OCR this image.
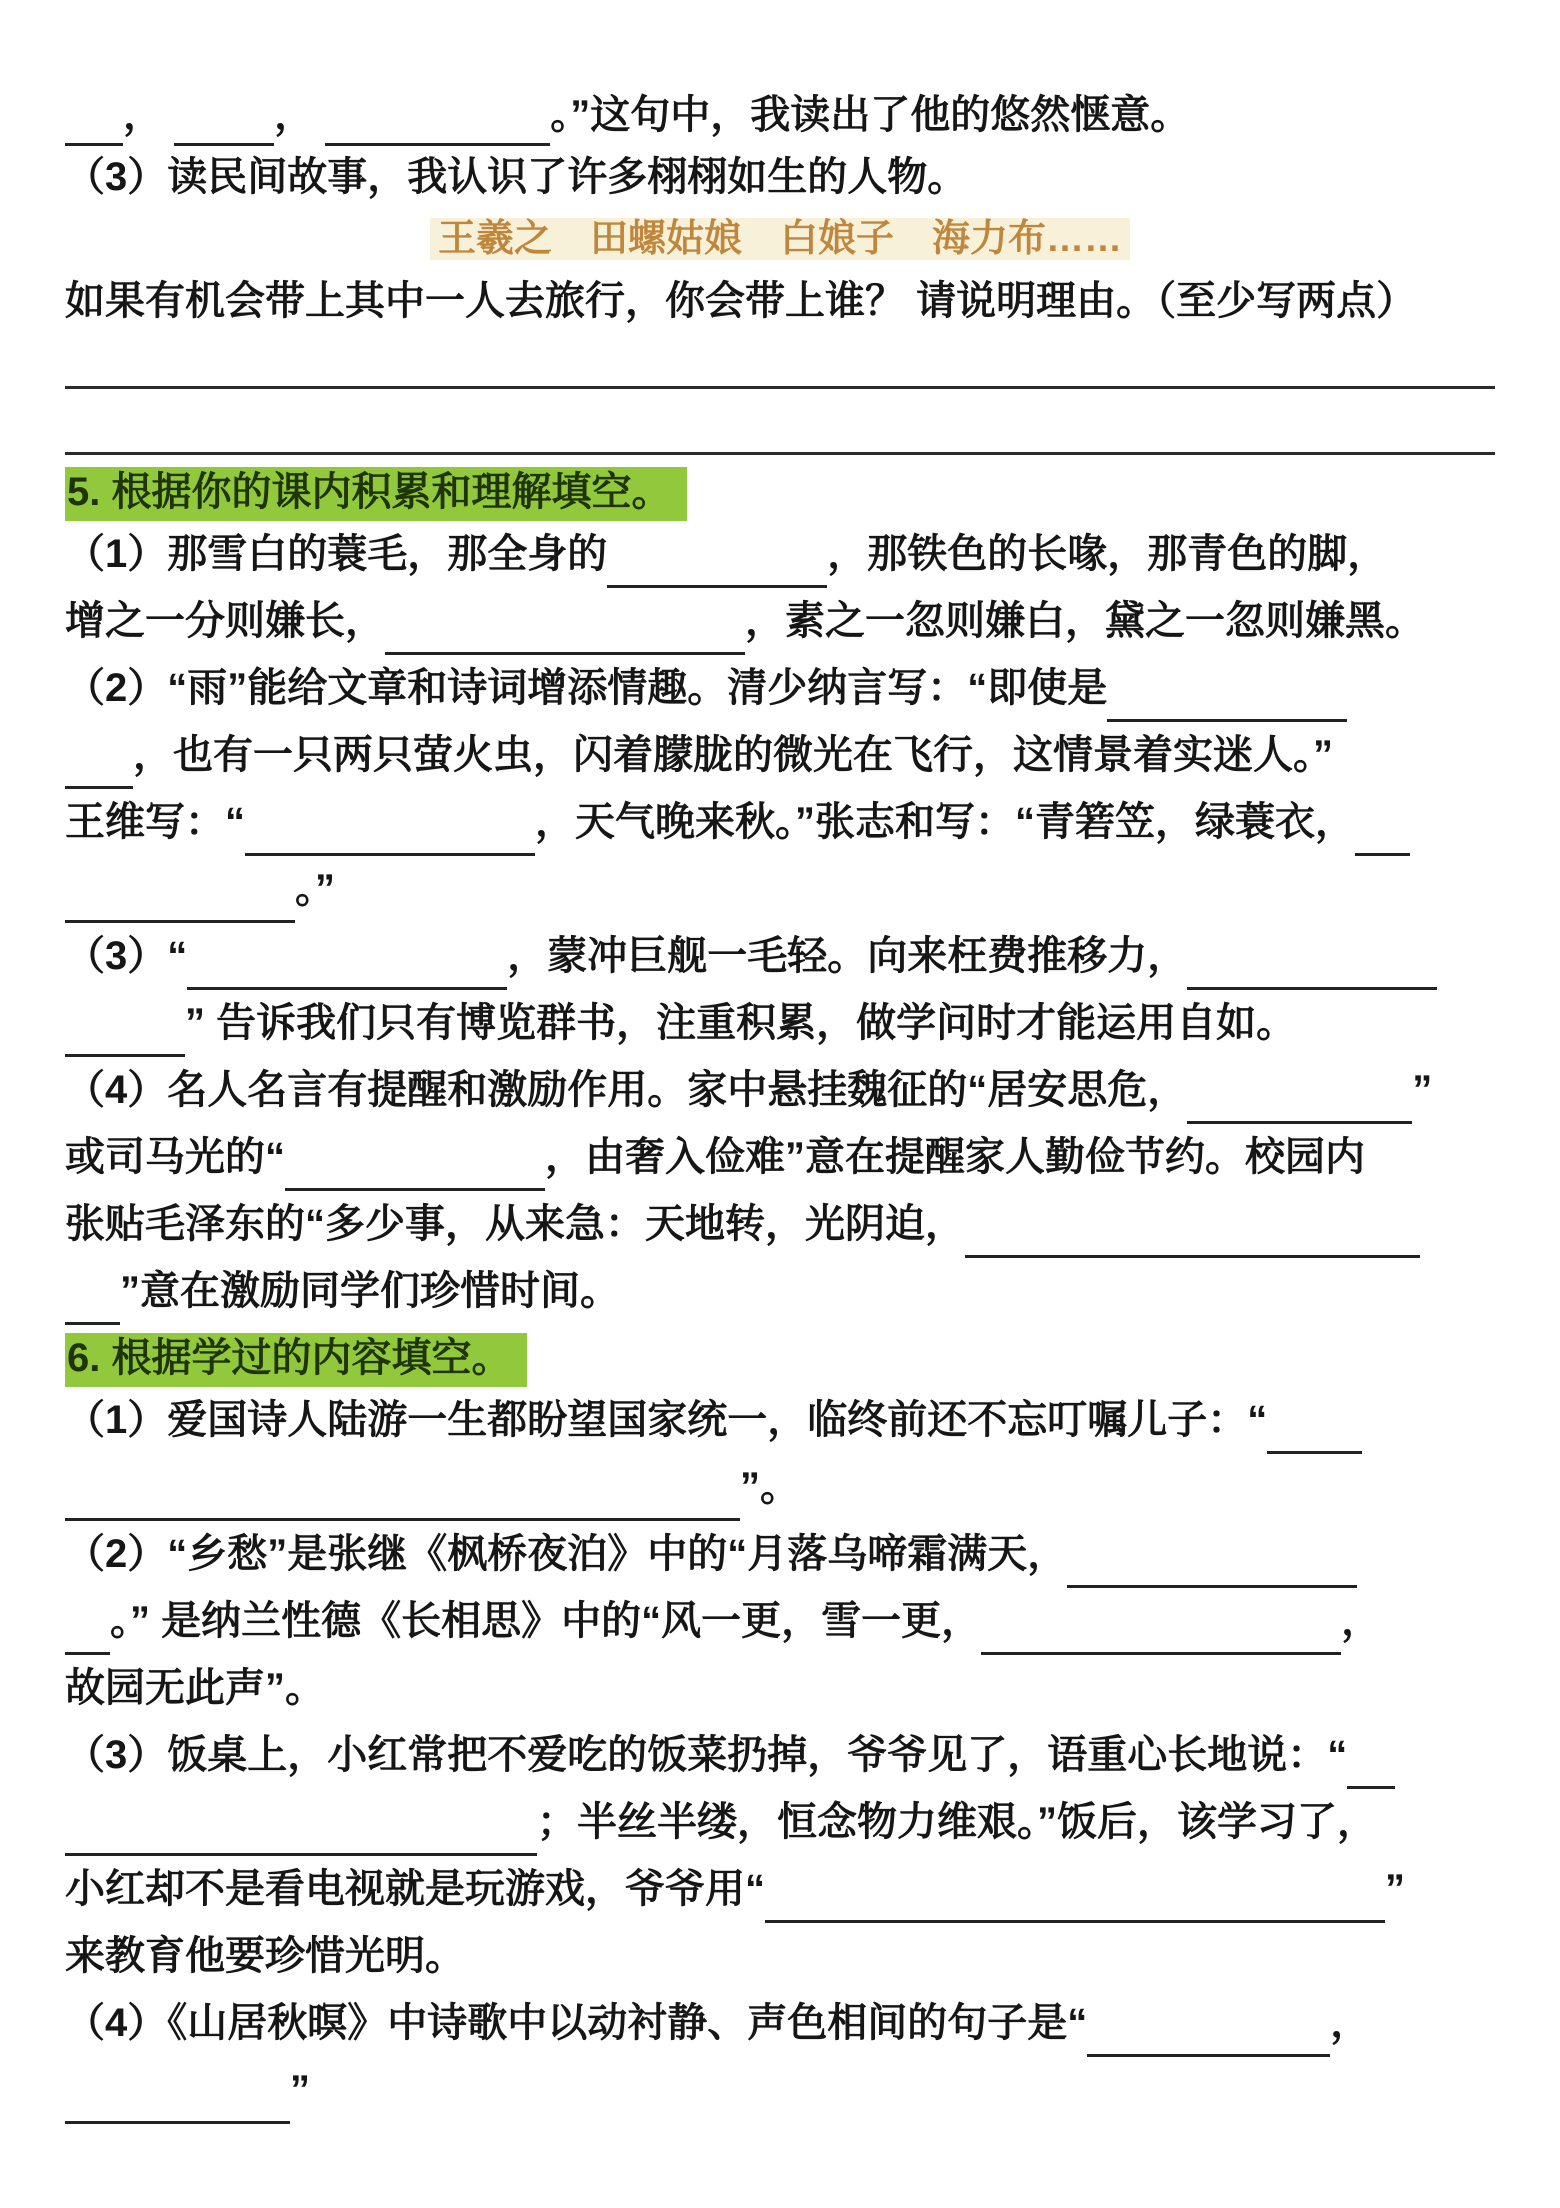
，	，	。”这句中，我读出了他的悠然惬意。
（3）读民间故事，我认识了许多栩栩如生的人物。
王羲之　田螺姑娘　白娘子　海力布……
如果有机会带上其中一人去旅行，你会带上谁？ 请说明理由。（至少写两点）
5. 根据你的课内积累和理解填空。
（1）那雪白的蓑毛，那全身的	，那铁色的长喙，那青色的脚，
增之一分则嫌长，	，素之一忽则嫌白，黛之一忽则嫌黑。
（2）“雨”能给文章和诗词增添情趣。清少纳言写：“即使是
，也有一只两只萤火虫，闪着朦胧的微光在飞行，这情景着实迷人。”
王维写：“	，天气晚来秋。”张志和写：“青箬笠，绿蓑衣，
。”
（3）“	，蒙冲巨舰一毛轻。向来枉费推移力，
” 告诉我们只有博览群书，注重积累，做学问时才能运用自如。
（4）名人名言有提醒和激励作用。家中悬挂魏征的“居安思危，	”
或司马光的“	，由奢入俭难”意在提醒家人勤俭节约。校园内
张贴毛泽东的“多少事，从来急：天地转，光阴迫，
”意在激励同学们珍惜时间。
6. 根据学过的内容填空。
（1）爱国诗人陆游一生都盼望国家统一，临终前还不忘叮嘱儿子：“
”。
（2）“乡愁”是张继《枫桥夜泊》中的“月落乌啼霜满天，
。” 是纳兰性德《长相思》中的“风一更，雪一更，	，
故园无此声”。
（3）饭桌上，小红常把不爱吃的饭菜扔掉，爷爷见了，语重心长地说：“
；半丝半缕，恒念物力维艰。”饭后，该学习了，
小红却不是看电视就是玩游戏，爷爷用“	”
来教育他要珍惜光明。
（4）《山居秋暝》中诗歌中以动衬静、声色相间的句子是“	，
”
